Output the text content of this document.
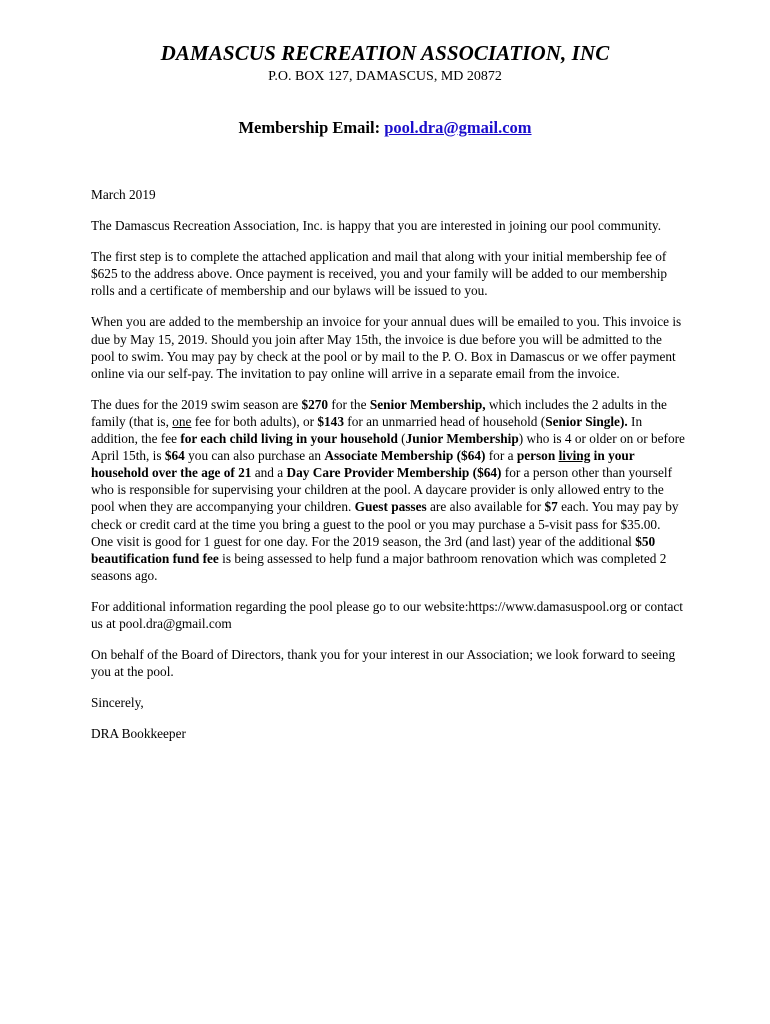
DAMASCUS RECREATION ASSOCIATION, INC
P.O. BOX 127, DAMASCUS, MD 20872
Membership Email: pool.dra@gmail.com

March 2019

The Damascus Recreation Association, Inc. is happy that you are interested in joining our pool community.

The first step is to complete the attached application and mail that along with your initial membership fee of $625 to the address above. Once payment is received, you and your family will be added to our membership rolls and a certificate of membership and our bylaws will be issued to you.

When you are added to the membership an invoice for your annual dues will be emailed to you. This invoice is due by May 15, 2019. Should you join after May 15th, the invoice is due before you will be admitted to the pool to swim. You may pay by check at the pool or by mail to the P. O. Box in Damascus or we offer payment online via our self-pay. The invitation to pay online will arrive in a separate email from the invoice.

The dues for the 2019 swim season are $270 for the Senior Membership, which includes the 2 adults in the family (that is, one fee for both adults), or $143 for an unmarried head of household (Senior Single). In addition, the fee for each child living in your household (Junior Membership) who is 4 or older on or before April 15th, is $64 you can also purchase an Associate Membership ($64) for a person living in your household over the age of 21 and a Day Care Provider Membership ($64) for a person other than yourself who is responsible for supervising your children at the pool. A daycare provider is only allowed entry to the pool when they are accompanying your children. Guest passes are also available for $7 each. You may pay by check or credit card at the time you bring a guest to the pool or you may purchase a 5-visit pass for $35.00. One visit is good for 1 guest for one day. For the 2019 season, the 3rd (and last) year of the additional $50 beautification fund fee is being assessed to help fund a major bathroom renovation which was completed 2 seasons ago.

For additional information regarding the pool please go to our website:https://www.damasuspool.org or contact us at pool.dra@gmail.com

On behalf of the Board of Directors, thank you for your interest in our Association; we look forward to seeing you at the pool.

Sincerely,

DRA Bookkeeper
